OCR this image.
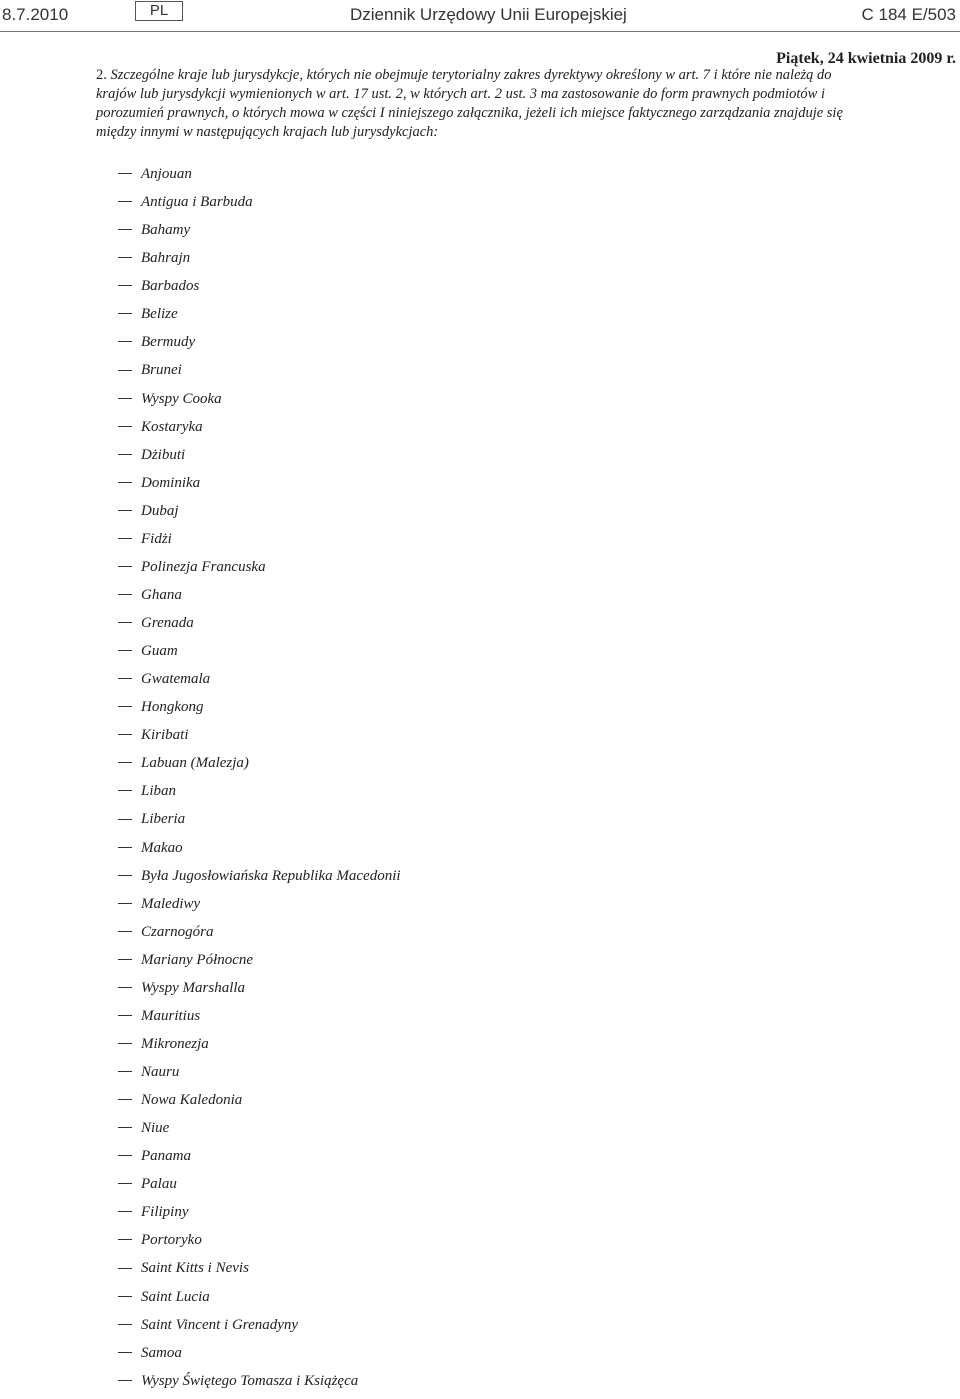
8.7.2010	PL	Dziennik Urzędowy Unii Europejskiej	C 184 E/503
Piątek, 24 kwietnia 2009 r.

2. Szczególne kraje lub jurysdykcje, których nie obejmuje terytorialny zakres dyrektywy określony w art. 7 i które nie należą do krajów lub jurysdykcji wymienionych w art. 17 ust. 2, w których art. 2 ust. 3 ma zastosowanie do form prawnych podmiotów i porozumień prawnych, o których mowa w części I niniejszego załącznika, jeżeli ich miejsce faktycznego zarządzania znajduje się między innymi w następujących krajach lub jurysdykcjach:

Anjouan
Antigua i Barbuda
Bahamy
Bahrajn
Barbados
Belize
Bermudy
Brunei
Wyspy Cooka
Kostaryka
Dżibuti
Dominika
Dubaj
Fidżi
Polinezja Francuska
Ghana
Grenada
Guam
Gwatemala
Hongkong
Kiribati
Labuan (Malezja)
Liban
Liberia
Makao
Była Jugosłowiańska Republika Macedonii
Malediwy
Czarnogóra
Mariany Północne
Wyspy Marshalla
Mauritius
Mikronezja
Nauru
Nowa Kaledonia
Niue
Panama
Palau
Filipiny
Portoryko
Saint Kitts i Nevis
Saint Lucia
Saint Vincent i Grenadyny
Samoa
Wyspy Świętego Tomasza i Książęca
